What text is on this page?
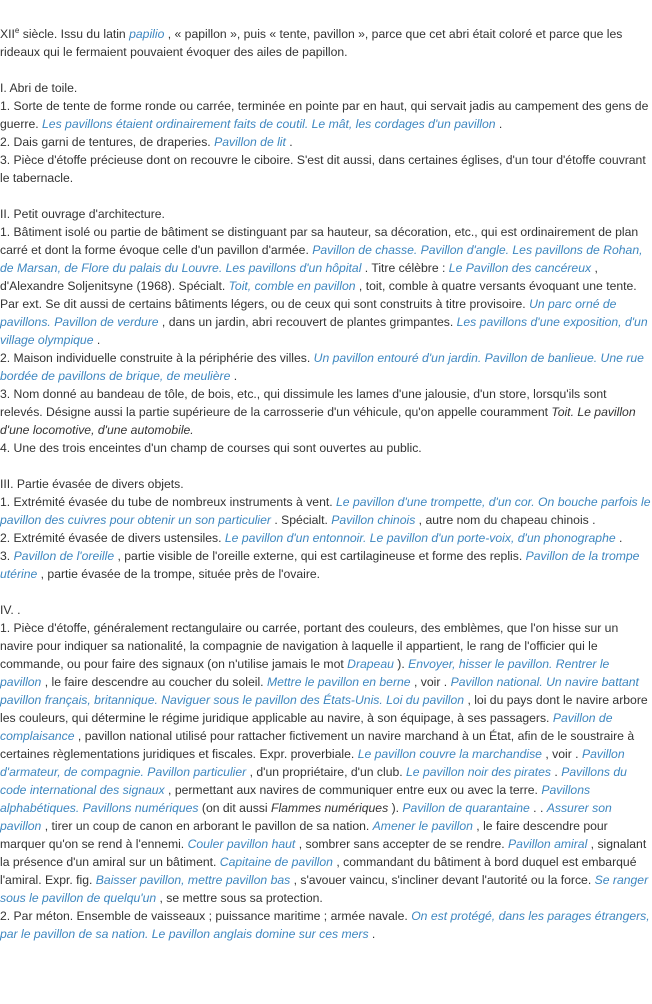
XIIe siècle. Issu du latin papilio , « papillon », puis « tente, pavillon », parce que cet abri était coloré et parce que les rideaux qui le fermaient pouvaient évoquer des ailes de papillon.
I. Abri de toile.
1. Sorte de tente de forme ronde ou carrée, terminée en pointe par en haut, qui servait jadis au campement des gens de guerre. Les pavillons étaient ordinairement faits de coutil. Le mât, les cordages d'un pavillon .
2. Dais garni de tentures, de draperies. Pavillon de lit .
3. Pièce d'étoffe précieuse dont on recouvre le ciboire. S'est dit aussi, dans certaines églises, d'un tour d'étoffe couvrant le tabernacle.
II. Petit ouvrage d'architecture.
1. Bâtiment isolé ou partie de bâtiment se distinguant par sa hauteur, sa décoration, etc., qui est ordinairement de plan carré et dont la forme évoque celle d'un pavillon d'armée. Pavillon de chasse. Pavillon d'angle. Les pavillons de Rohan, de Marsan, de Flore du palais du Louvre. Les pavillons d'un hôpital . Titre célèbre : Le Pavillon des cancéreux , d'Alexandre Soljenitsyne (1968). Spécialt. Toit, comble en pavillon , toit, comble à quatre versants évoquant une tente. Par ext. Se dit aussi de certains bâtiments légers, ou de ceux qui sont construits à titre provisoire. Un parc orné de pavillons. Pavillon de verdure , dans un jardin, abri recouvert de plantes grimpantes. Les pavillons d'une exposition, d'un village olympique .
2. Maison individuelle construite à la périphérie des villes. Un pavillon entouré d'un jardin. Pavillon de banlieue. Une rue bordée de pavillons de brique, de meulière .
3. Nom donné au bandeau de tôle, de bois, etc., qui dissimule les lames d'une jalousie, d'un store, lorsqu'ils sont relevés. Désigne aussi la partie supérieure de la carrosserie d'un véhicule, qu'on appelle couramment Toit. Le pavillon d'une locomotive, d'une automobile.
4. Une des trois enceintes d'un champ de courses qui sont ouvertes au public.
III. Partie évasée de divers objets.
1. Extrémité évasée du tube de nombreux instruments à vent. Le pavillon d'une trompette, d'un cor. On bouche parfois le pavillon des cuivres pour obtenir un son particulier . Spécialt. Pavillon chinois , autre nom du chapeau chinois .
2. Extrémité évasée de divers ustensiles. Le pavillon d'un entonnoir. Le pavillon d'un porte-voix, d'un phonographe .
3. Pavillon de l'oreille , partie visible de l'oreille externe, qui est cartilagineuse et forme des replis. Pavillon de la trompe utérine , partie évasée de la trompe, située près de l'ovaire.
IV. .
1. Pièce d'étoffe, généralement rectangulaire ou carrée, portant des couleurs, des emblèmes, que l'on hisse sur un navire pour indiquer sa nationalité, la compagnie de navigation à laquelle il appartient, le rang de l'officier qui le commande, ou pour faire des signaux (on n'utilise jamais le mot Drapeau ). Envoyer, hisser le pavillon. Rentrer le pavillon , le faire descendre au coucher du soleil. Mettre le pavillon en berne , voir . Pavillon national. Un navire battant pavillon français, britannique. Naviguer sous le pavillon des États-Unis. Loi du pavillon , loi du pays dont le navire arbore les couleurs, qui détermine le régime juridique applicable au navire, à son équipage, à ses passagers. Pavillon de complaisance , pavillon national utilisé pour rattacher fictivement un navire marchand à un État, afin de le soustraire à certaines règlementations juridiques et fiscales. Expr. proverbiale. Le pavillon couvre la marchandise , voir . Pavillon d'armateur, de compagnie. Pavillon particulier , d'un propriétaire, d'un club. Le pavillon noir des pirates . Pavillons du code international des signaux , permettant aux navires de communiquer entre eux ou avec la terre. Pavillons alphabétiques. Pavillons numériques (on dit aussi Flammes numériques ). Pavillon de quarantaine . . Assurer son pavillon , tirer un coup de canon en arborant le pavillon de sa nation. Amener le pavillon , le faire descendre pour marquer qu'on se rend à l'ennemi. Couler pavillon haut , sombrer sans accepter de se rendre. Pavillon amiral , signalant la présence d'un amiral sur un bâtiment. Capitaine de pavillon , commandant du bâtiment à bord duquel est embarqué l'amiral. Expr. fig. Baisser pavillon, mettre pavillon bas , s'avouer vaincu, s'incliner devant l'autorité ou la force. Se ranger sous le pavillon de quelqu'un , se mettre sous sa protection.
2. Par méton. Ensemble de vaisseaux ; puissance maritime ; armée navale. On est protégé, dans les parages étrangers, par le pavillon de sa nation. Le pavillon anglais domine sur ces mers .
